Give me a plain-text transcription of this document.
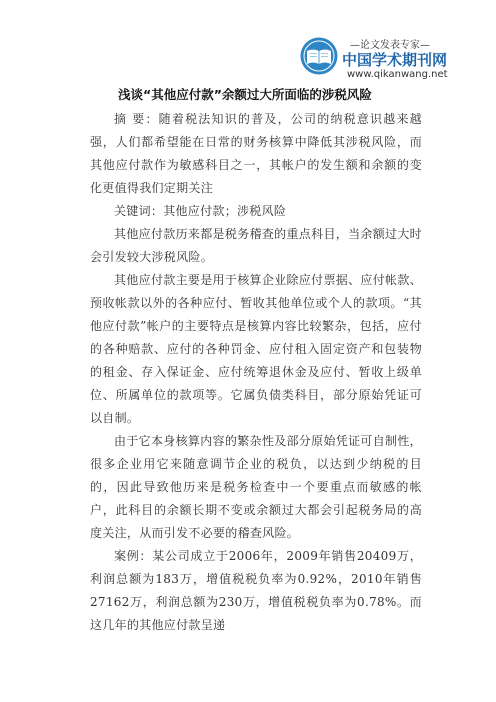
—论文发表专家—
中国学术期刊网
www.qikanwang.net
浅谈“其他应付款”余额过大所面临的涉税风险

摘 要：随着税法知识的普及，公司的纳税意识越来越强，人们都希望能在日常的财务核算中降低其涉税风险，而其他应付款作为敏感科目之一，其帐户的发生额和余额的变化更值得我们定期关注

关键词：其他应付款；涉税风险

其他应付款历来都是税务稽查的重点科目，当余额过大时会引发较大涉税风险。

其他应付款主要是用于核算企业除应付票据、应付帐款、预收帐款以外的各种应付、暂收其他单位或个人的款项。“其他应付款”帐户的主要特点是核算内容比较繁杂，包括，应付的各种赔款、应付的各种罚金、应付租入固定资产和包装物的租金、存入保证金、应付统筹退休金及应付、暂收上级单位、所属单位的款项等。它属负债类科目，部分原始凭证可以自制。

由于它本身核算内容的繁杂性及部分原始凭证可自制性，很多企业用它来随意调节企业的税负，以达到少纳税的目的，因此导致他历来是税务检查中一个要重点而敏感的帐户，此科目的余额长期不变或余额过大都会引起税务局的高度关注，从而引发不必要的稽查风险。

案例：某公司成立于2006年，2009年销售20409万，利润总额为183万，增值税税负率为0.92%，2010年销售27162万，利润总额为230万，增值税税负率为0.78%。而这几年的其他应付款呈递
